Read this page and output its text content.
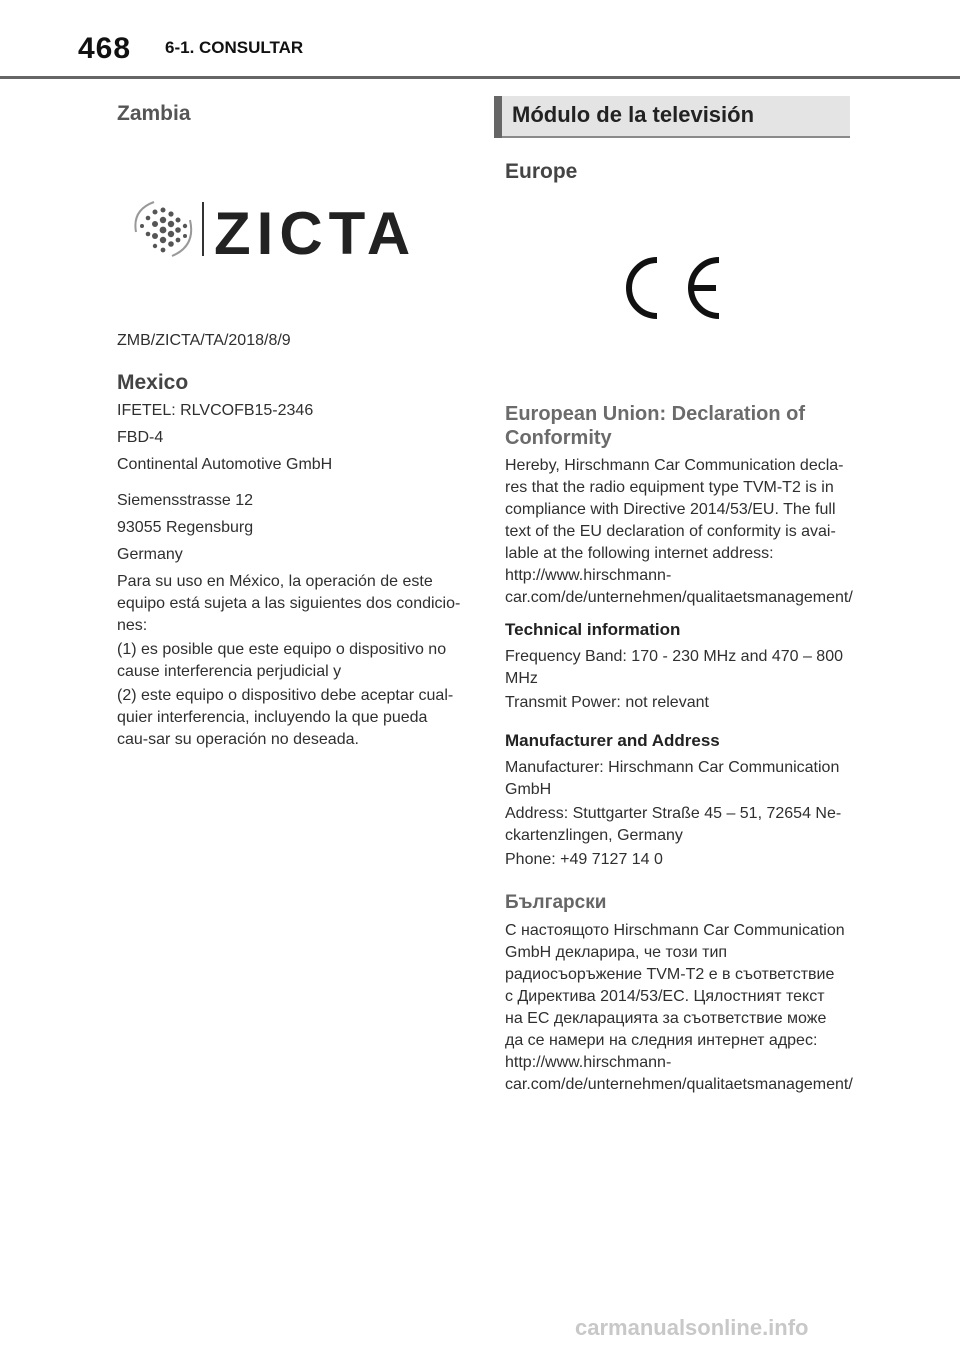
468 6-1. CONSULTAR
Zambia
ZICTA
ZMB/ZICTA/TA/2018/8/9
Mexico
IFETEL: RLVCOFB15-2346
FBD-4
Continental Automotive GmbH
Siemensstrasse 12
93055 Regensburg
Germany
Para su uso en México, la operación de este equipo está sujeta a las siguientes dos condicio-nes:
(1) es posible que este equipo o dispositivo no cause interferencia perjudicial y
(2) este equipo o dispositivo debe aceptar cual-quier interferencia, incluyendo la que pueda cau-sar su operación no deseada.
Módulo de la televisión
Europe
European Union: Declaration of Conformity
Hereby, Hirschmann Car Communication decla-res that the radio equipment type TVM-T2 is in compliance with Directive 2014/53/EU. The full text of the EU declaration of conformity is avai-lable at the following internet address: http://www.hirschmann-car.com/de/unternehmen/qualitaetsmanagement/
Technical information
Frequency Band: 170 - 230 MHz and 470 – 800 MHz
Transmit Power: not relevant
Manufacturer and Address
Manufacturer: Hirschmann Car Communication GmbH
Address: Stuttgarter Straße 45 – 51, 72654 Ne-ckartenzlingen, Germany
Phone: +49 7127 14 0
Български
С настоящото Hirschmann Car Communication GmbH декларира, че този тип радиосъоръжение TVM-T2 е в съответствие с Директива 2014/53/ЕС. Цялостният текст на ЕС декларацията за съответствие може да се намери на следния интернет адрес: http://www.hirschmann-car.com/de/unternehmen/qualitaetsmanagement/
carmanualsonline.info
